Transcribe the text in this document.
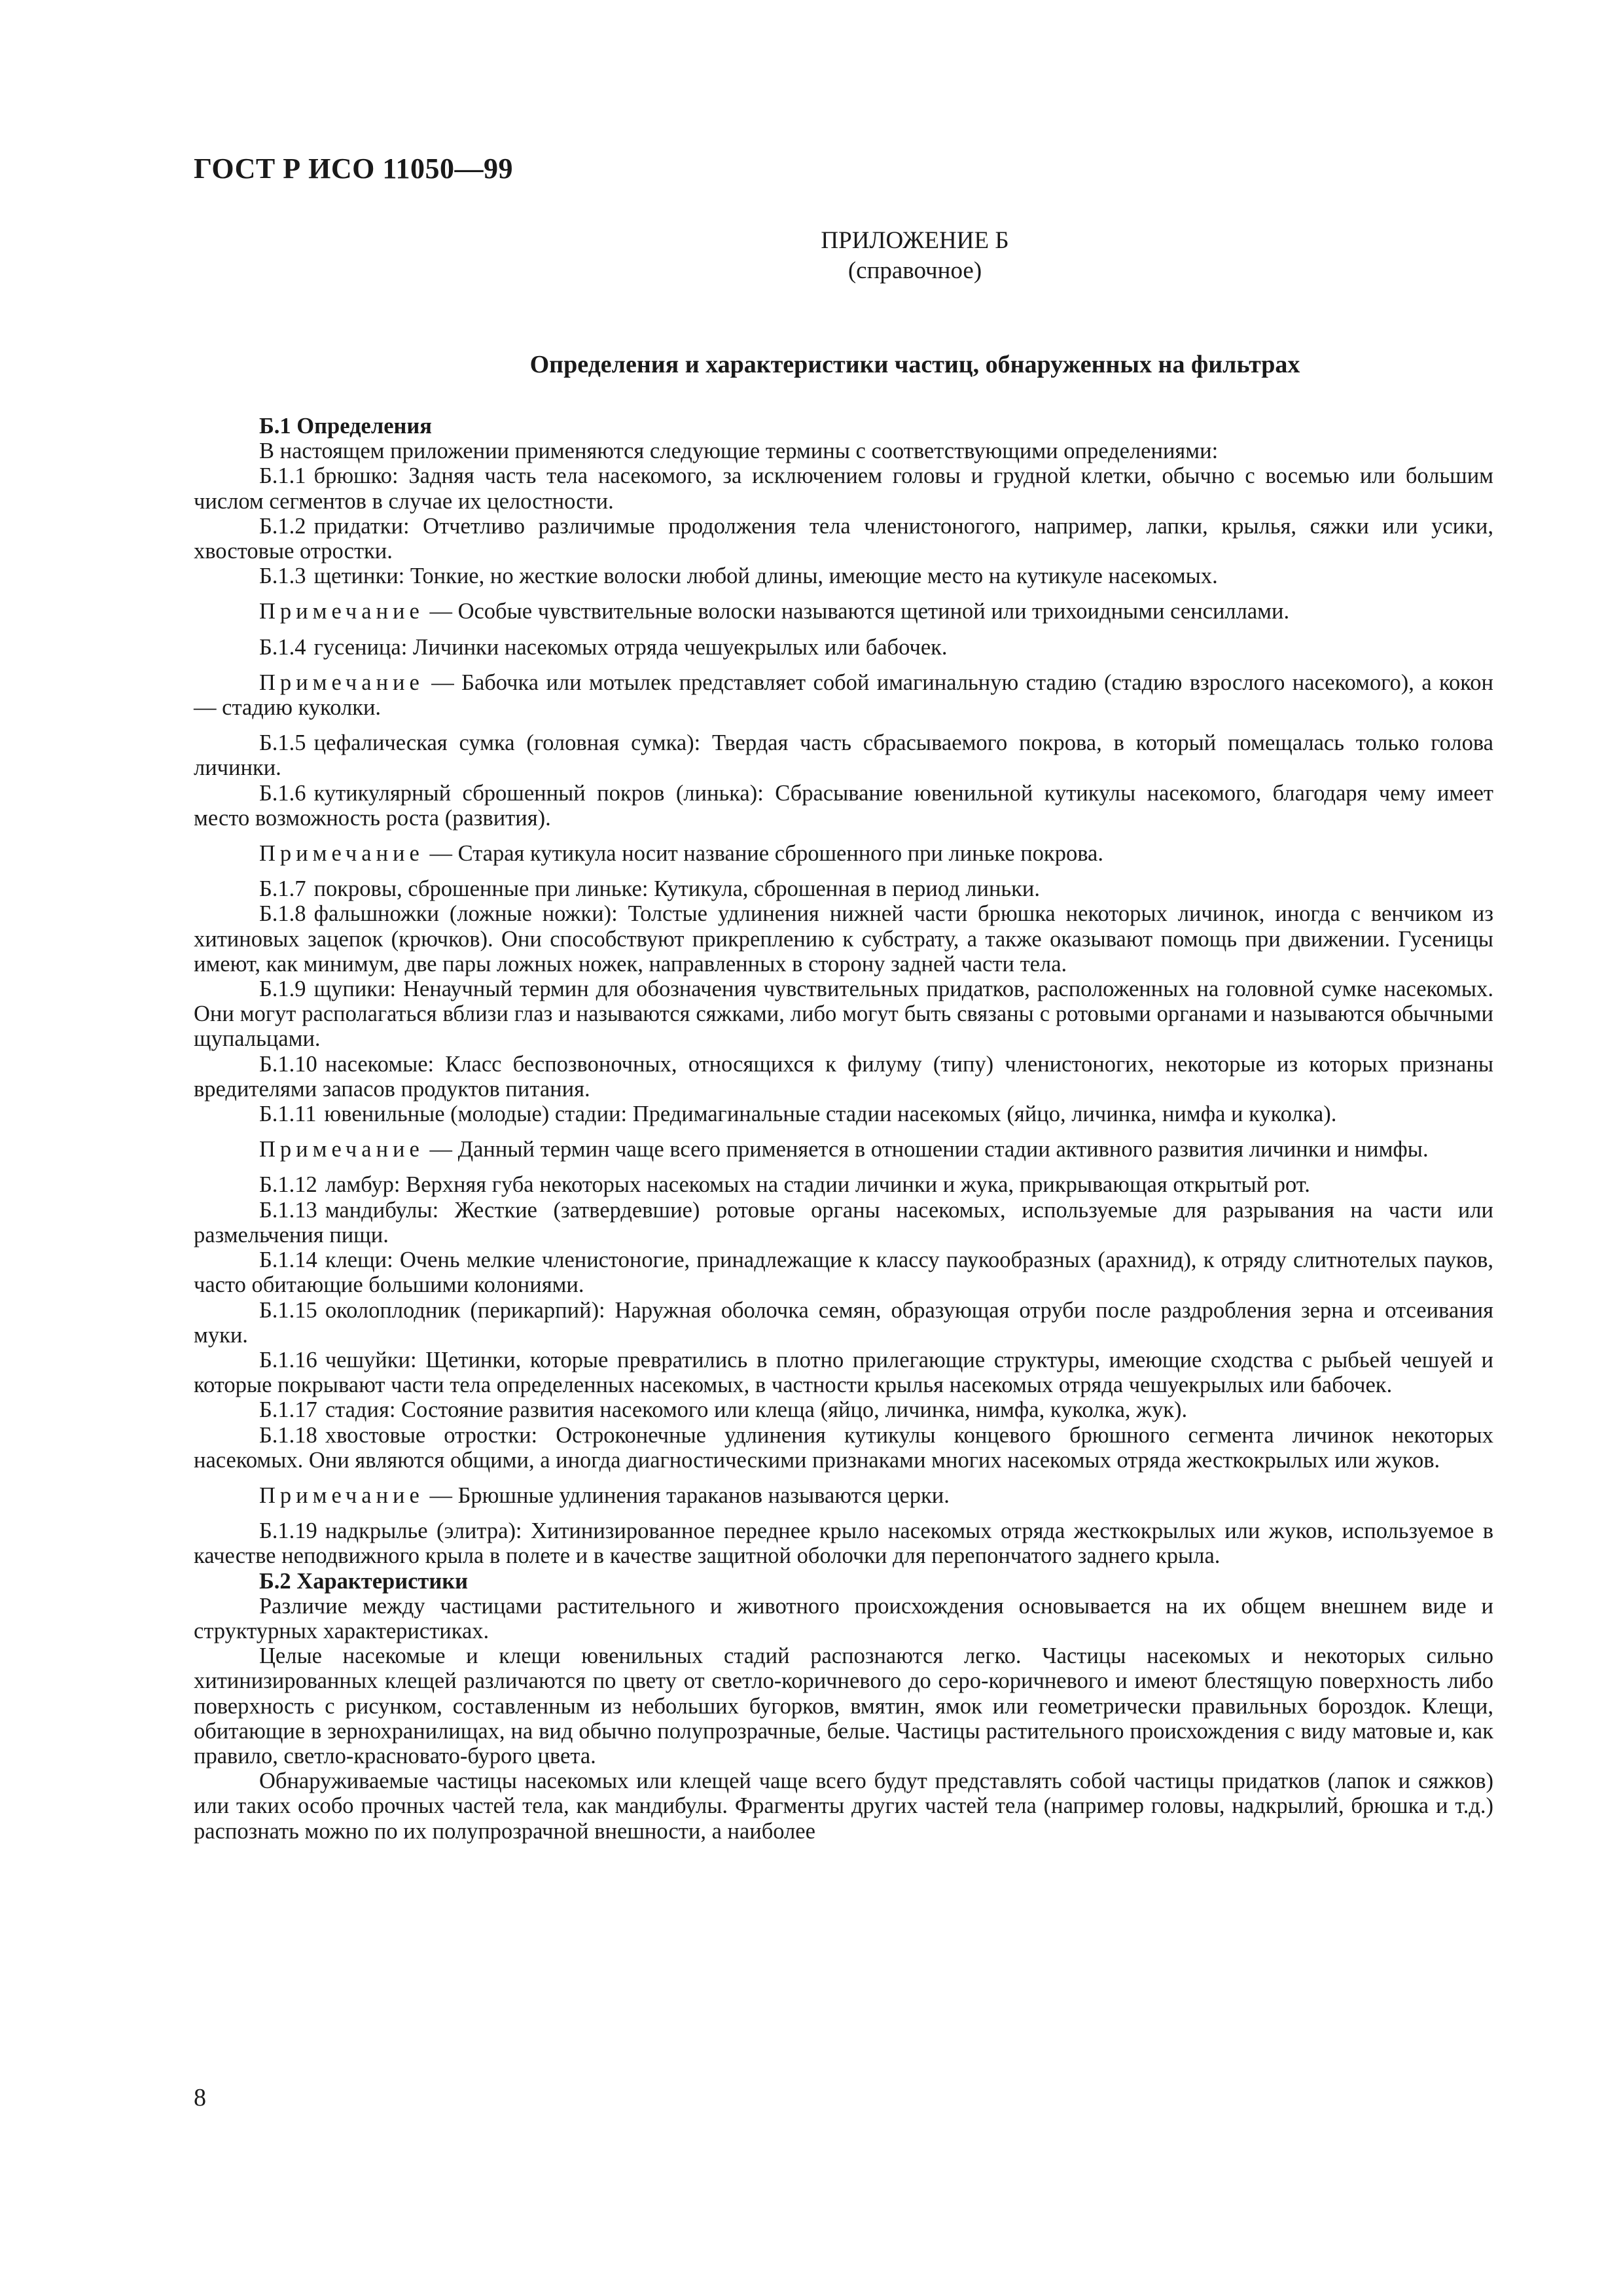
ГОСТ Р ИСО 11050—99
ПРИЛОЖЕНИЕ Б
(справочное)
Определения и характеристики частиц, обнаруженных на фильтрах

Б.1 Определения

В настоящем приложении применяются следующие термины с соответствующими определениями:

Б.1.1 брюшко: Задняя часть тела насекомого, за исключением головы и грудной клетки, обычно с восемью или большим числом сегментов в случае их целостности.

Б.1.2 придатки: Отчетливо различимые продолжения тела членистоногого, например, лапки, крылья, сяжки или усики, хвостовые отростки.

Б.1.3 щетинки: Тонкие, но жесткие волоски любой длины, имеющие место на кутикуле насекомых.

Примечание — Особые чувствительные волоски называются щетиной или трихоидными сенсиллами.

Б.1.4 гусеница: Личинки насекомых отряда чешуекрылых или бабочек.

Примечание — Бабочка или мотылек представляет собой имагинальную стадию (стадию взрослого насекомого), а кокон — стадию куколки.

Б.1.5 цефалическая сумка (головная сумка): Твердая часть сбрасываемого покрова, в который помещалась только голова личинки.

Б.1.6 кутикулярный сброшенный покров (линька): Сбрасывание ювенильной кутикулы насекомого, благодаря чему имеет место возможность роста (развития).

Примечание — Старая кутикула носит название сброшенного при линьке покрова.

Б.1.7 покровы, сброшенные при линьке: Кутикула, сброшенная в период линьки.

Б.1.8 фальшножки (ложные ножки): Толстые удлинения нижней части брюшка некоторых личинок, иногда с венчиком из хитиновых зацепок (крючков). Они способствуют прикреплению к субстрату, а также оказывают помощь при движении. Гусеницы имеют, как минимум, две пары ложных ножек, направленных в сторону задней части тела.

Б.1.9 щупики: Ненаучный термин для обозначения чувствительных придатков, расположенных на головной сумке насекомых. Они могут располагаться вблизи глаз и называются сяжками, либо могут быть связаны с ротовыми органами и называются обычными щупальцами.

Б.1.10 насекомые: Класс беспозвоночных, относящихся к филуму (типу) членистоногих, некоторые из которых признаны вредителями запасов продуктов питания.

Б.1.11 ювенильные (молодые) стадии: Предимагинальные стадии насекомых (яйцо, личинка, нимфа и куколка).

Примечание — Данный термин чаще всего применяется в отношении стадии активного развития личинки и нимфы.

Б.1.12 ламбур: Верхняя губа некоторых насекомых на стадии личинки и жука, прикрывающая открытый рот.

Б.1.13 мандибулы: Жесткие (затвердевшие) ротовые органы насекомых, используемые для разрывания на части или размельчения пищи.

Б.1.14 клещи: Очень мелкие членистоногие, принадлежащие к классу паукообразных (арахнид), к отряду слитнотелых пауков, часто обитающие большими колониями.

Б.1.15 околоплодник (перикарпий): Наружная оболочка семян, образующая отруби после раздробления зерна и отсеивания муки.

Б.1.16 чешуйки: Щетинки, которые превратились в плотно прилегающие структуры, имеющие сходства с рыбьей чешуей и которые покрывают части тела определенных насекомых, в частности крылья насекомых отряда чешуекрылых или бабочек.

Б.1.17 стадия: Состояние развития насекомого или клеща (яйцо, личинка, нимфа, куколка, жук).

Б.1.18 хвостовые отростки: Остроконечные удлинения кутикулы концевого брюшного сегмента личинок некоторых насекомых. Они являются общими, а иногда диагностическими признаками многих насекомых отряда жесткокрылых или жуков.

Примечание — Брюшные удлинения тараканов называются церки.

Б.1.19 надкрылье (элитра): Хитинизированное переднее крыло насекомых отряда жесткокрылых или жуков, используемое в качестве неподвижного крыла в полете и в качестве защитной оболочки для перепончатого заднего крыла.

Б.2 Характеристики

Различие между частицами растительного и животного происхождения основывается на их общем внешнем виде и структурных характеристиках.

Целые насекомые и клещи ювенильных стадий распознаются легко. Частицы насекомых и некоторых сильно хитинизированных клещей различаются по цвету от светло-коричневого до серо-коричневого и имеют блестящую поверхность либо поверхность с рисунком, составленным из небольших бугорков, вмятин, ямок или геометрически правильных бороздок. Клещи, обитающие в зернохранилищах, на вид обычно полупрозрачные, белые. Частицы растительного происхождения с виду матовые и, как правило, светло-красновато-бурого цвета.

Обнаруживаемые частицы насекомых или клещей чаще всего будут представлять собой частицы придатков (лапок и сяжков) или таких особо прочных частей тела, как мандибулы. Фрагменты других частей тела (например головы, надкрылий, брюшка и т.д.) распознать можно по их полупрозрачной внешности, а наиболее

8
